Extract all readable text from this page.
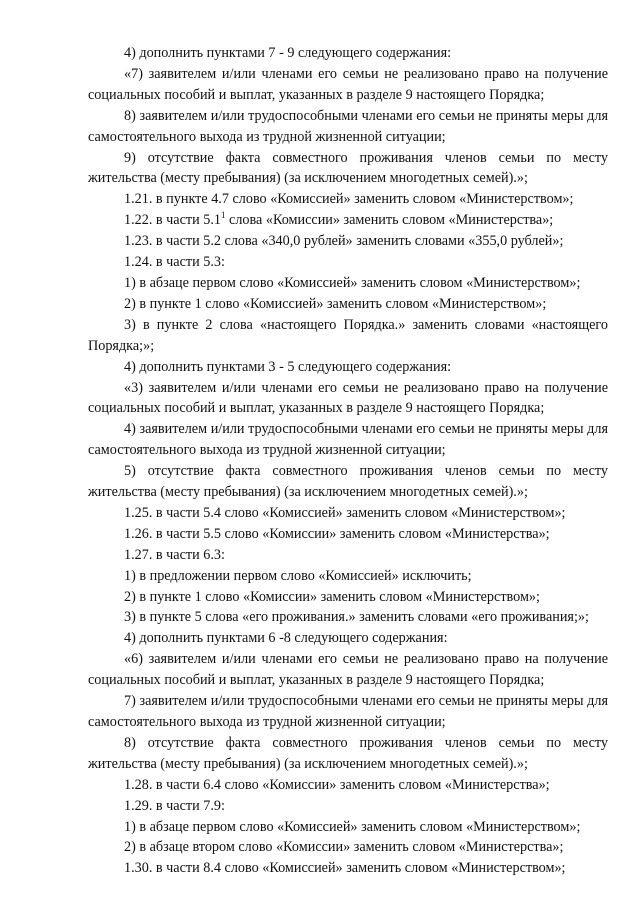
4) дополнить пунктами 7 - 9 следующего содержания:

«7) заявителем и/или членами его семьи не реализовано право на получение социальных пособий и выплат, указанных в разделе 9 настоящего Порядка;

8) заявителем и/или трудоспособными членами его семьи не приняты меры для самостоятельного выхода из трудной жизненной ситуации;

9) отсутствие факта совместного проживания членов семьи по месту жительства (месту пребывания) (за исключением многодетных семей).»;

1.21. в пункте 4.7 слово «Комиссией» заменить словом «Министерством»;

1.22. в части $5.1^1$ слова «Комиссии» заменить словом «Министерства»;

1.23. в части 5.2 слова «340,0 рублей» заменить словами «355,0 рублей»;

1.24. в части 5.3:

1) в абзаце первом слово «Комиссией» заменить словом «Министерством»;

2) в пункте 1 слово «Комиссией» заменить словом «Министерством»;

3) в пункте 2 слова «настоящего Порядка.» заменить словами «настоящего Порядка;»;

4) дополнить пунктами 3 - 5 следующего содержания:

«3) заявителем и/или членами его семьи не реализовано право на получение социальных пособий и выплат, указанных в разделе 9 настоящего Порядка;

4) заявителем и/или трудоспособными членами его семьи не приняты меры для самостоятельного выхода из трудной жизненной ситуации;

5) отсутствие факта совместного проживания членов семьи по месту жительства (месту пребывания) (за исключением многодетных семей).»;

1.25. в части 5.4 слово «Комиссией» заменить словом «Министерством»;

1.26. в части 5.5 слово «Комиссии» заменить словом «Министерства»;

1.27. в части 6.3:

1) в предложении первом слово «Комиссией» исключить;

2) в пункте 1 слово «Комиссии» заменить словом «Министерством»;

3) в пункте 5 слова «его проживания.» заменить словами «его проживания;»;

4) дополнить пунктами 6 -8 следующего содержания:

«6) заявителем и/или членами его семьи не реализовано право на получение социальных пособий и выплат, указанных в разделе 9 настоящего Порядка;

7) заявителем и/или трудоспособными членами его семьи не приняты меры для самостоятельного выхода из трудной жизненной ситуации;

8) отсутствие факта совместного проживания членов семьи по месту жительства (месту пребывания) (за исключением многодетных семей).»;

1.28. в части 6.4 слово «Комиссии» заменить словом «Министерства»;

1.29. в части 7.9:

1) в абзаце первом слово «Комиссией» заменить словом «Министерством»;

2) в абзаце втором слово «Комиссии» заменить словом «Министерства»;

1.30. в части 8.4 слово «Комиссией» заменить словом «Министерством»;
